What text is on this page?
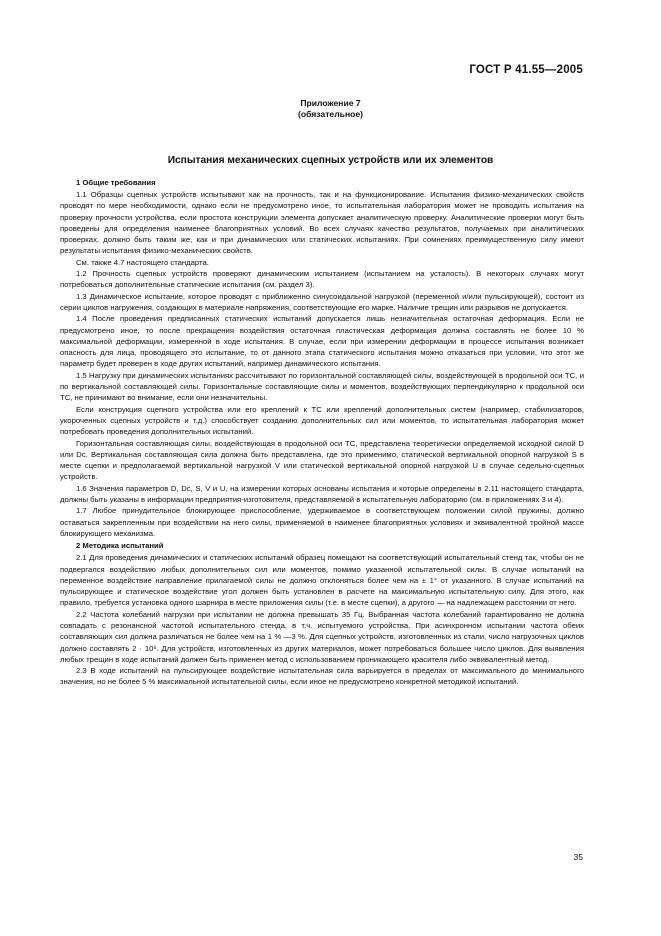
ГОСТ Р 41.55—2005
Приложение 7
(обязательное)
Испытания механических сцепных устройств или их элементов
1 Общие требования

1.1 Образцы сцепных устройств испытывают как на прочность, так и на функционирование. Испытания физико-механических свойств проводят по мере необходимости, однако если не предусмотрено иное, то испытательная лаборатория может не проводить испытания на проверку прочности устройства, если простота конструкции элемента допускает аналитическую проверку. Аналитические проверки могут быть проведены для определения наименее благоприятных условий. Во всех случаях качество результатов, получаемых при аналитических проверках, должно быть таким же, как и при динамических или статических испытаниях. При сомнениях преимущественную силу имеют результаты испытания физико-механических свойств.

См. также 4.7 настоящего стандарта.

1.2 Прочность сцепных устройств проверяют динамическим испытанием (испытанием на усталость). В некоторых случаях могут потребоваться дополнительные статические испытания (см. раздел 3).

1.3 Динамическое испытание, которое проводят с приближенно синусоидальной нагрузкой (переменной и/или пульсирующей), состоит из серии циклов нагружения, создающих в материале напряжения, соответствующие его марке. Наличие трещин или разрывов не допускается.

1.4 После проведения предписанных статических испытаний допускается лишь незначительная остаточная деформация. Если не предусмотрено иное, то после прекращения воздействия остаточная пластическая деформация должна составлять не более 10 % максимальной деформации, измеренной в ходе испытания. В случае, если при измерении деформации в процессе испытания возникает опасность для лица, проводящего это испытание, то от данного этапа статического испытания можно отказаться при условии, что этот же параметр будет проверен в ходе других испытаний, например динамического испытания.

1.5 Нагрузку при динамических испытаниях рассчитывают по горизонтальной составляющей силы, воздействующей в продольной оси ТС, и по вертикальной составляющей силы. Горизонтальные составляющие силы и моментов, воздействующих перпендикулярно к продольной оси ТС, не принимают во внимание, если они незначительны.

Если конструкция сцепного устройства или его креплений к ТС или креплений дополнительных систем (например, стабилизаторов, укороченных сцепных устройств и т.д.) способствует созданию дополнительных сил или моментов, то испытательная лаборатория может потребовать проведения дополнительных испытаний.

Горизонтальная составляющая силы, воздействующая в продольной оси ТС, представлена теоретически определяемой исходной силой D или Dc. Вертикальная составляющая сила должна быть представлена, где это применимо, статической вертикальной опорной нагрузкой S в месте сцепки и предполагаемой вертикальной нагрузкой V или статической вертикальной опорной нагрузкой U в случае седельно-сцепных устройств.

1.6 Значения параметров D, Dc, S, V и U, на измерении которых основаны испытания и которые определены в 2.11 настоящего стандарта, должны быть указаны в информации предприятия-изготовителя, представляемой в испытательную лабораторию (см. в приложениях 3 и 4).

1.7 Любое принудительное блокирующее приспособление, удерживаемое в соответствующем положении силой пружины, должно оставаться закрепленным при воздействии на него силы, применяемой в наименее благоприятных условиях и эквивалентной тройной массе блокирующего механизма.

2 Методика испытаний

2.1 Для проведения динамических и статических испытаний образец помещают на соответствующий испытательный стенд так, чтобы он не подвергался воздействию любых дополнительных сил или моментов, помимо указанной испытательной силы. В случае испытаний на переменное воздействие направление прилагаемой силы не должно отклоняться более чем на ± 1° от указанного. В случае испытаний на пульсирующее и статическое воздействие угол должен быть установлен в расчете на максимальную испытательную силу. Для этого, как правило, требуется установка одного шарнира в месте приложения силы (т.е. в месте сцепки), а другого — на надлежащем расстоянии от него.

2.2 Частота колебаний нагрузки при испытании не должна превышать 35 Гц. Выбранная частота колебаний гарантированно не должна совпадать с резонансной частотой испытательного стенда, в т.ч. испытуемого устройства. При асинхронном испытании частота обеих составляющих сил должна различаться не более чем на 1 % —3 %. Для сцепных устройств, изготовленных из стали, число нагрузочных циклов должно составлять 2 · 10⁶. Для устройств, изготовленных из других материалов, может потребоваться большее число циклов. Для выявления любых трещин в ходе испытаний должен быть применен метод с использованием проникающего красителя либо эквивалентный метод.

2.3 В ходе испытаний на пульсирующее воздействие испытательная сила варьируется в пределах от максимального до минимального значения, но не более 5 % максимальной испытательной силы, если иное не предусмотрено конкретной методикой испытаний.

35
